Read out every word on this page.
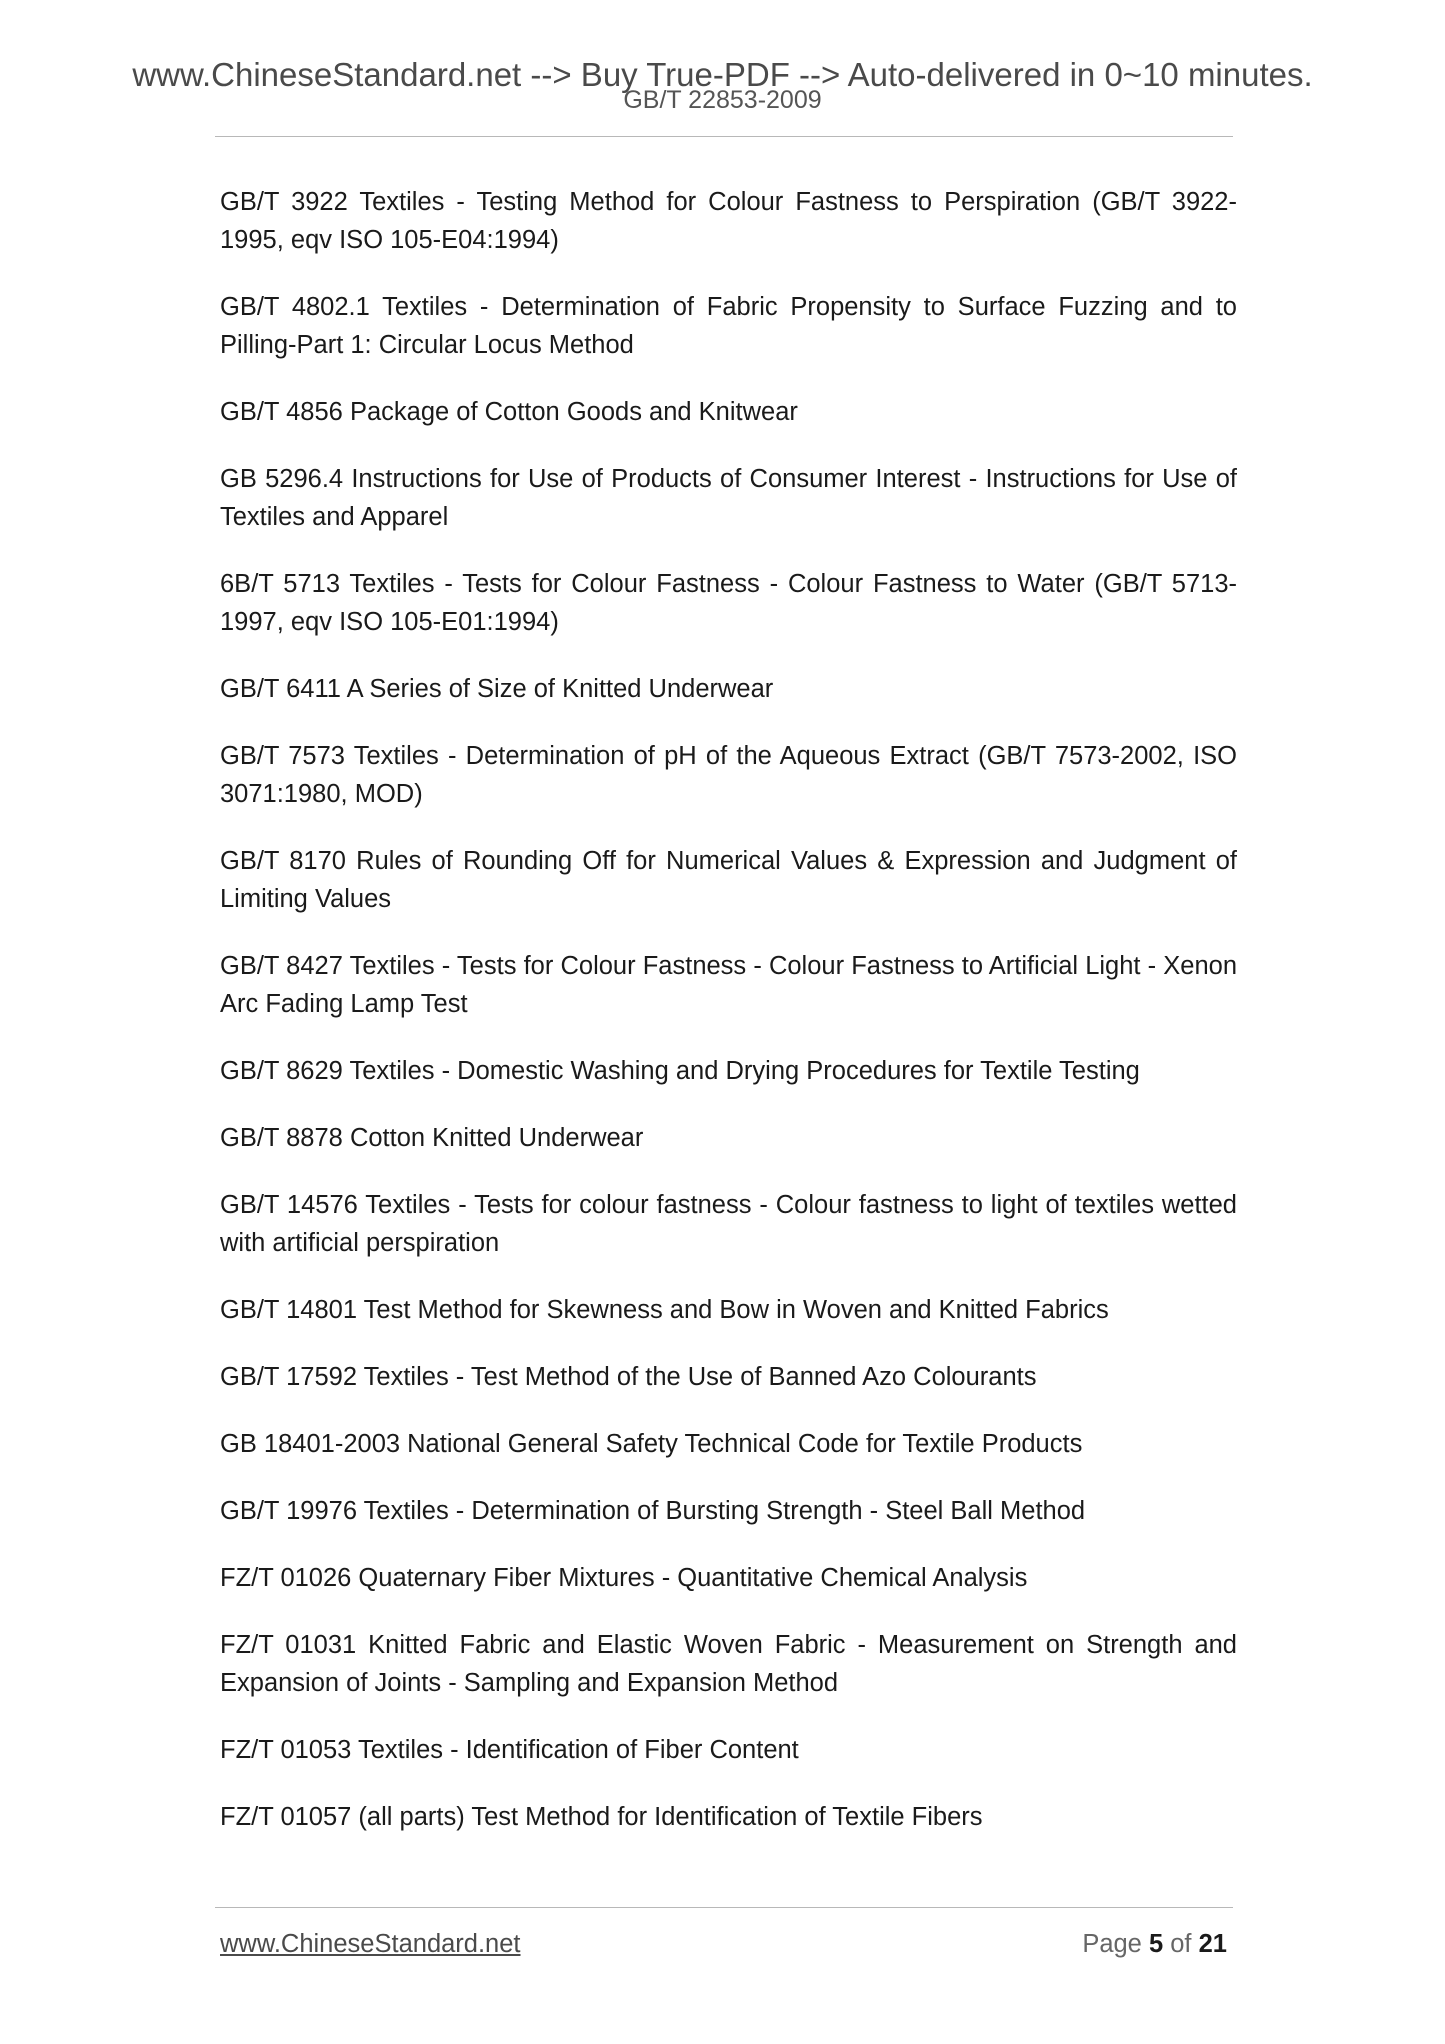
www.ChineseStandard.net --> Buy True-PDF --> Auto-delivered in 0~10 minutes.
GB/T 22853-2009
GB/T 3922 Textiles - Testing Method for Colour Fastness to Perspiration (GB/T 3922-1995, eqv ISO 105-E04:1994)
GB/T 4802.1 Textiles - Determination of Fabric Propensity to Surface Fuzzing and to Pilling-Part 1: Circular Locus Method
GB/T 4856 Package of Cotton Goods and Knitwear
GB 5296.4 Instructions for Use of Products of Consumer Interest - Instructions for Use of Textiles and Apparel
6B/T 5713 Textiles - Tests for Colour Fastness - Colour Fastness to Water (GB/T 5713-1997, eqv ISO 105-E01:1994)
GB/T 6411 A Series of Size of Knitted Underwear
GB/T 7573 Textiles - Determination of pH of the Aqueous Extract (GB/T 7573-2002, ISO 3071:1980, MOD)
GB/T 8170 Rules of Rounding Off for Numerical Values & Expression and Judgment of Limiting Values
GB/T 8427 Textiles - Tests for Colour Fastness - Colour Fastness to Artificial Light - Xenon Arc Fading Lamp Test
GB/T 8629 Textiles - Domestic Washing and Drying Procedures for Textile Testing
GB/T 8878 Cotton Knitted Underwear
GB/T 14576 Textiles - Tests for colour fastness - Colour fastness to light of textiles wetted with artificial perspiration
GB/T 14801 Test Method for Skewness and Bow in Woven and Knitted Fabrics
GB/T 17592 Textiles - Test Method of the Use of Banned Azo Colourants
GB 18401-2003 National General Safety Technical Code for Textile Products
GB/T 19976 Textiles - Determination of Bursting Strength - Steel Ball Method
FZ/T 01026 Quaternary Fiber Mixtures - Quantitative Chemical Analysis
FZ/T 01031 Knitted Fabric and Elastic Woven Fabric - Measurement on Strength and Expansion of Joints - Sampling and Expansion Method
FZ/T 01053 Textiles - Identification of Fiber Content
FZ/T 01057 (all parts) Test Method for Identification of Textile Fibers
www.ChineseStandard.net	Page 5 of 21
